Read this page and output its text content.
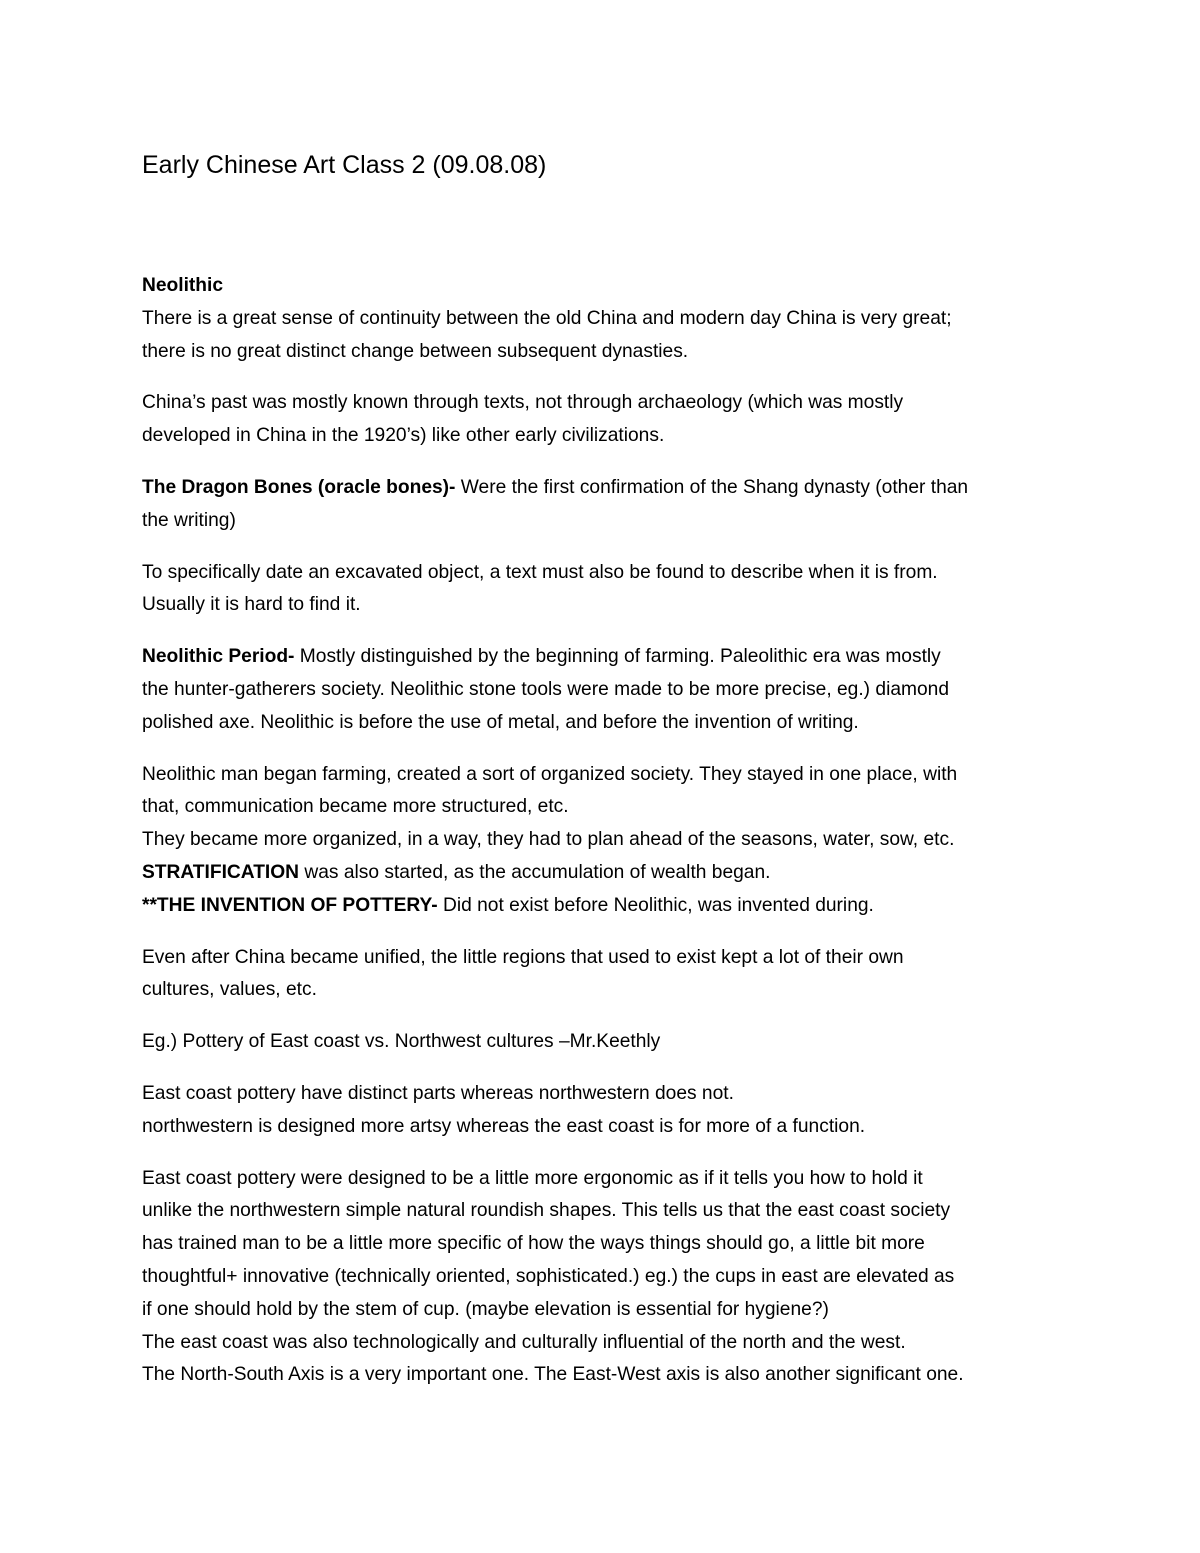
Early Chinese Art Class 2 (09.08.08)

Neolithic
There is a great sense of continuity between the old China and modern day China is very great;
there is no great distinct change between subsequent dynasties.

China’s past was mostly known through texts, not through archaeology (which was mostly
developed in China in the 1920’s) like other early civilizations.

The Dragon Bones (oracle bones)- Were the first confirmation of the Shang dynasty (other than
the writing)

To specifically date an excavated object, a text must also be found to describe when it is from.
Usually it is hard to find it.

Neolithic Period- Mostly distinguished by the beginning of farming. Paleolithic era was mostly
the hunter-gatherers society. Neolithic stone tools were made to be more precise, eg.) diamond
polished axe. Neolithic is before the use of metal, and before the invention of writing.

Neolithic man began farming, created a sort of organized society. They stayed in one place, with
that, communication became more structured, etc.
They became more organized, in a way, they had to plan ahead of the seasons, water, sow, etc.
STRATIFICATION was also started, as the accumulation of wealth began.
**THE INVENTION OF POTTERY- Did not exist before Neolithic, was invented during.

Even after China became unified, the little regions that used to exist kept a lot of their own
cultures, values, etc.

Eg.) Pottery of East coast vs. Northwest cultures –Mr.Keethly

East coast pottery have distinct parts whereas northwestern does not.
northwestern is designed more artsy whereas the east coast is for more of a function.

East coast pottery were designed to be a little more ergonomic as if it tells you how to hold it
unlike the northwestern simple natural roundish shapes. This tells us that the east coast society
has trained man to be a little more specific of how the ways things should go, a little bit more
thoughtful+ innovative (technically oriented, sophisticated.) eg.) the cups in east are elevated as
if one should hold by the stem of cup. (maybe elevation is essential for hygiene?)
The east coast was also technologically and culturally influential of the north and the west.
The North-South Axis is a very important one. The East-West axis is also another significant one.
